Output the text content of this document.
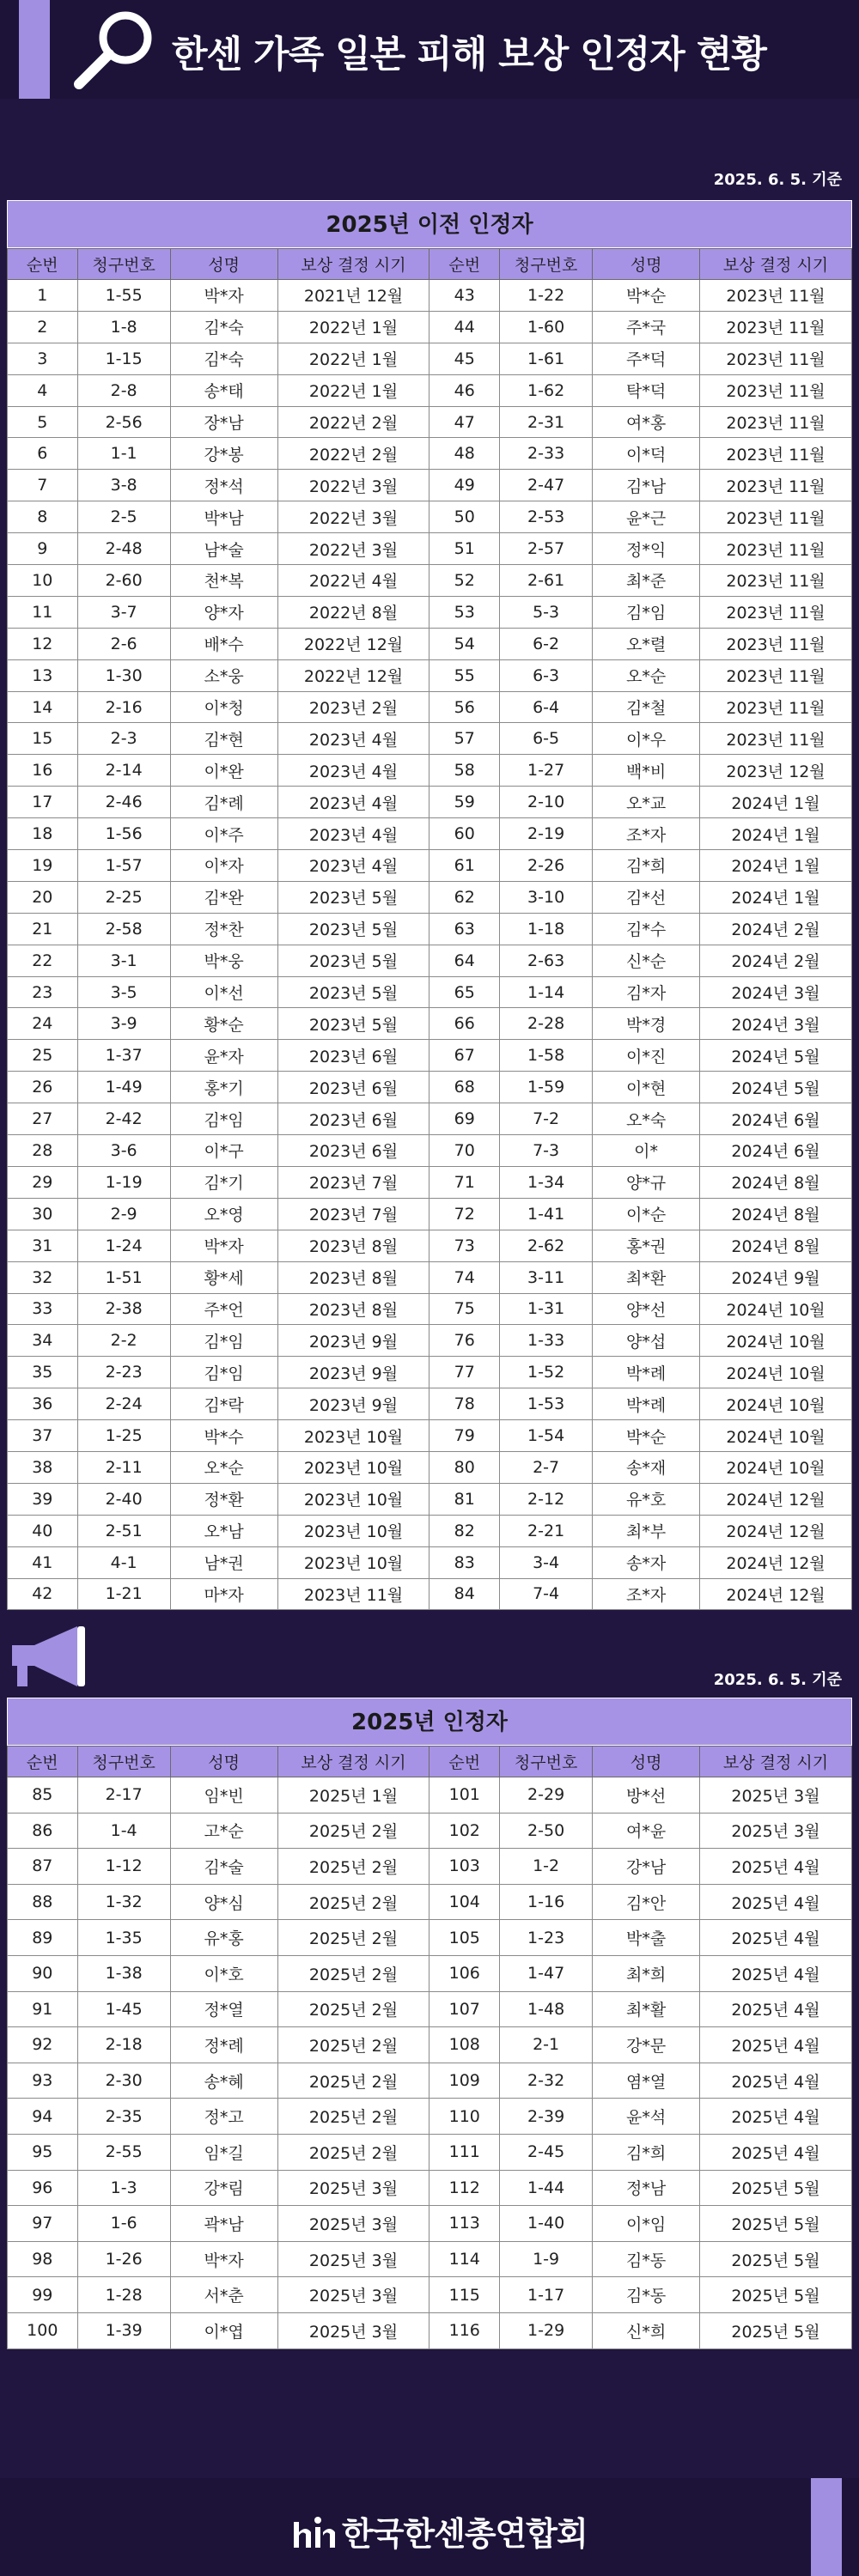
한센 가족 일본 피해 보상 인정자 현황
2025. 6. 5. 기준
2025년 이전 인정자
순번	청구번호	성명	보상 결정 시기	순번	청구번호	성명	보상 결정 시기
1	1-55	박*자	2021년 12월	43	1-22	박*순	2023년 11월
2	1-8	김*숙	2022년 1월	44	1-60	주*국	2023년 11월
3	1-15	김*숙	2022년 1월	45	1-61	주*덕	2023년 11월
4	2-8	송*태	2022년 1월	46	1-62	탁*덕	2023년 11월
5	2-56	장*남	2022년 2월	47	2-31	여*홍	2023년 11월
6	1-1	강*봉	2022년 2월	48	2-33	이*덕	2023년 11월
7	3-8	정*석	2022년 3월	49	2-47	김*남	2023년 11월
8	2-5	박*남	2022년 3월	50	2-53	윤*근	2023년 11월
9	2-48	남*술	2022년 3월	51	2-57	정*익	2023년 11월
10	2-60	천*복	2022년 4월	52	2-61	최*준	2023년 11월
11	3-7	양*자	2022년 8월	53	5-3	김*임	2023년 11월
12	2-6	배*수	2022년 12월	54	6-2	오*렬	2023년 11월
13	1-30	소*웅	2022년 12월	55	6-3	오*순	2023년 11월
14	2-16	이*청	2023년 2월	56	6-4	김*철	2023년 11월
15	2-3	김*현	2023년 4월	57	6-5	이*우	2023년 11월
16	2-14	이*완	2023년 4월	58	1-27	백*비	2023년 12월
17	2-46	김*례	2023년 4월	59	2-10	오*교	2024년 1월
18	1-56	이*주	2023년 4월	60	2-19	조*자	2024년 1월
19	1-57	이*자	2023년 4월	61	2-26	김*희	2024년 1월
20	2-25	김*완	2023년 5월	62	3-10	김*선	2024년 1월
21	2-58	정*찬	2023년 5월	63	1-18	김*수	2024년 2월
22	3-1	박*웅	2023년 5월	64	2-63	신*순	2024년 2월
23	3-5	이*선	2023년 5월	65	1-14	김*자	2024년 3월
24	3-9	황*순	2023년 5월	66	2-28	박*경	2024년 3월
25	1-37	윤*자	2023년 6월	67	1-58	이*진	2024년 5월
26	1-49	홍*기	2023년 6월	68	1-59	이*현	2024년 5월
27	2-42	김*임	2023년 6월	69	7-2	오*숙	2024년 6월
28	3-6	이*구	2023년 6월	70	7-3	이*	2024년 6월
29	1-19	김*기	2023년 7월	71	1-34	양*규	2024년 8월
30	2-9	오*영	2023년 7월	72	1-41	이*순	2024년 8월
31	1-24	박*자	2023년 8월	73	2-62	홍*권	2024년 8월
32	1-51	황*세	2023년 8월	74	3-11	최*환	2024년 9월
33	2-38	주*언	2023년 8월	75	1-31	양*선	2024년 10월
34	2-2	김*임	2023년 9월	76	1-33	양*섭	2024년 10월
35	2-23	김*임	2023년 9월	77	1-52	박*례	2024년 10월
36	2-24	김*락	2023년 9월	78	1-53	박*례	2024년 10월
37	1-25	박*수	2023년 10월	79	1-54	박*순	2024년 10월
38	2-11	오*순	2023년 10월	80	2-7	송*재	2024년 10월
39	2-40	정*환	2023년 10월	81	2-12	유*호	2024년 12월
40	2-51	오*남	2023년 10월	82	2-21	최*부	2024년 12월
41	4-1	남*권	2023년 10월	83	3-4	송*자	2024년 12월
42	1-21	마*자	2023년 11월	84	7-4	조*자	2024년 12월
2025. 6. 5. 기준
2025년 인정자
순번	청구번호	성명	보상 결정 시기	순번	청구번호	성명	보상 결정 시기
85	2-17	임*빈	2025년 1월	101	2-29	방*선	2025년 3월
86	1-4	고*순	2025년 2월	102	2-50	여*윤	2025년 3월
87	1-12	김*술	2025년 2월	103	1-2	강*남	2025년 4월
88	1-32	양*심	2025년 2월	104	1-16	김*안	2025년 4월
89	1-35	유*홍	2025년 2월	105	1-23	박*출	2025년 4월
90	1-38	이*호	2025년 2월	106	1-47	최*희	2025년 4월
91	1-45	정*열	2025년 2월	107	1-48	최*활	2025년 4월
92	2-18	정*례	2025년 2월	108	2-1	강*문	2025년 4월
93	2-30	송*혜	2025년 2월	109	2-32	염*열	2025년 4월
94	2-35	정*고	2025년 2월	110	2-39	윤*석	2025년 4월
95	2-55	임*길	2025년 2월	111	2-45	김*희	2025년 4월
96	1-3	강*림	2025년 3월	112	1-44	정*남	2025년 5월
97	1-6	곽*남	2025년 3월	113	1-40	이*임	2025년 5월
98	1-26	박*자	2025년 3월	114	1-9	김*동	2025년 5월
99	1-28	서*춘	2025년 3월	115	1-17	김*동	2025년 5월
100	1-39	이*엽	2025년 3월	116	1-29	신*희	2025년 5월
한국한센총연합회
